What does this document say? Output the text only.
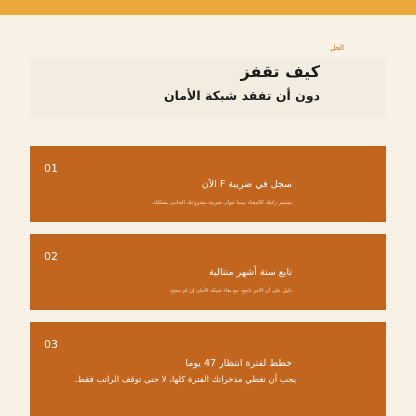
الحل
كيف تقفز
دون أن تفقد شبكة الأمان
01
سجل في ضريبة F الآن
يستمر راتبك كالمعتاد بينما تتولى ضريبة مشروعك الجانبي بشكلك.
02
تابع ستة أشهر متتالية
دليل على أن الأمر ناجح، مع بقاء شبكة الأمان إن لم ينجح.
03
خطط لفترة انتظار 47 يوما
يجب أن تغطي مدخراتك الفترة كلها، لا حتى توقف الراتب فقط.
